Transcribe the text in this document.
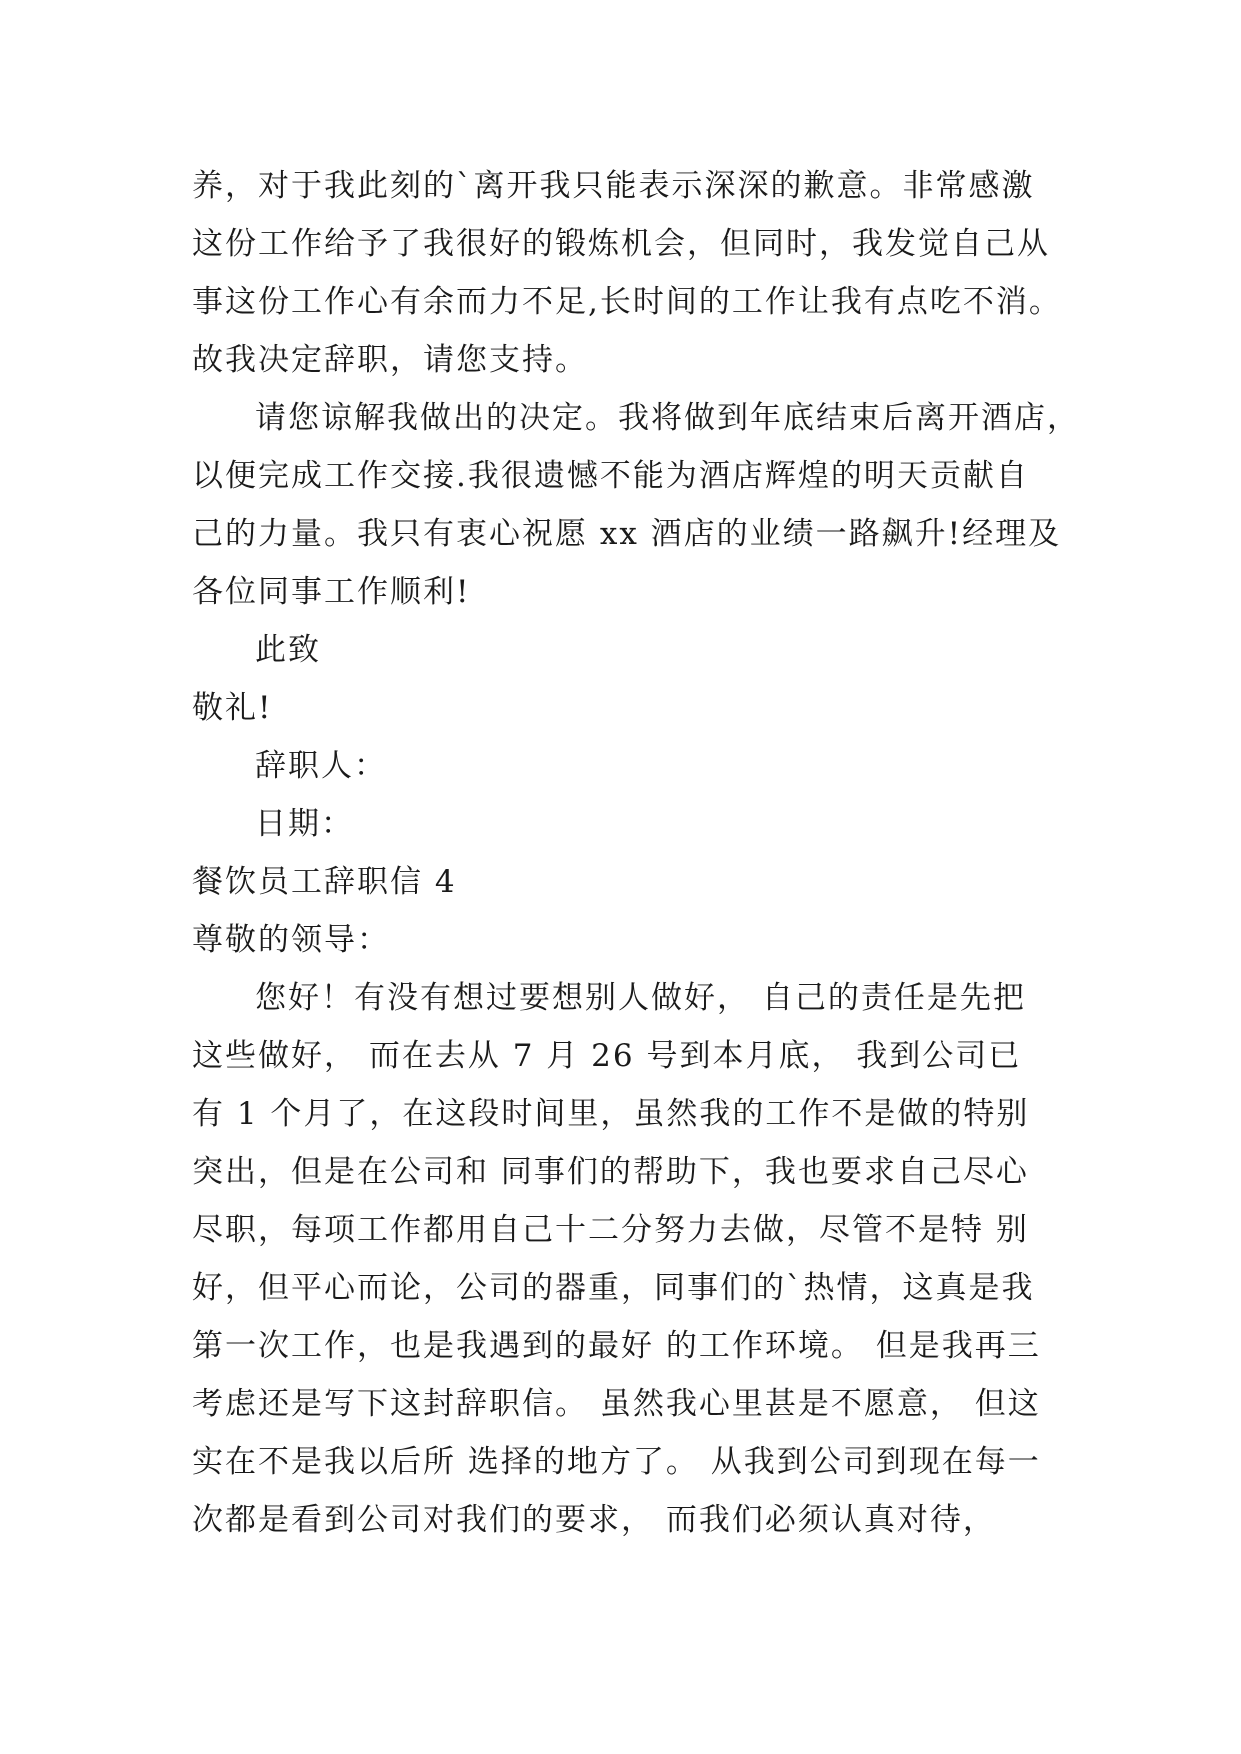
养，对于我此刻的`离开我只能表示深深的歉意。非常感激
这份工作给予了我很好的锻炼机会，但同时，我发觉自己从
事这份工作心有余而力不足,长时间的工作让我有点吃不消。
故我决定辞职，请您支持。
请您谅解我做出的决定。我将做到年底结束后离开酒店，
以便完成工作交接.我很遗憾不能为酒店辉煌的明天贡献自
己的力量。我只有衷心祝愿 xx 酒店的业绩一路飙升!经理及
各位同事工作顺利!
此致
敬礼!
辞职人：
日期：
餐饮员工辞职信 4
尊敬的领导：
您好！有没有想过要想别人做好， 自己的责任是先把
这些做好， 而在去从 7 月 26 号到本月底， 我到公司已
有 1 个月了，在这段时间里，虽然我的工作不是做的特别
突出，但是在公司和 同事们的帮助下，我也要求自己尽心
尽职，每项工作都用自己十二分努力去做，尽管不是特 别
好，但平心而论，公司的器重，同事们的`热情，这真是我
第一次工作，也是我遇到的最好 的工作环境。 但是我再三
考虑还是写下这封辞职信。 虽然我心里甚是不愿意， 但这
实在不是我以后所 选择的地方了。 从我到公司到现在每一
次都是看到公司对我们的要求， 而我们必须认真对待，
